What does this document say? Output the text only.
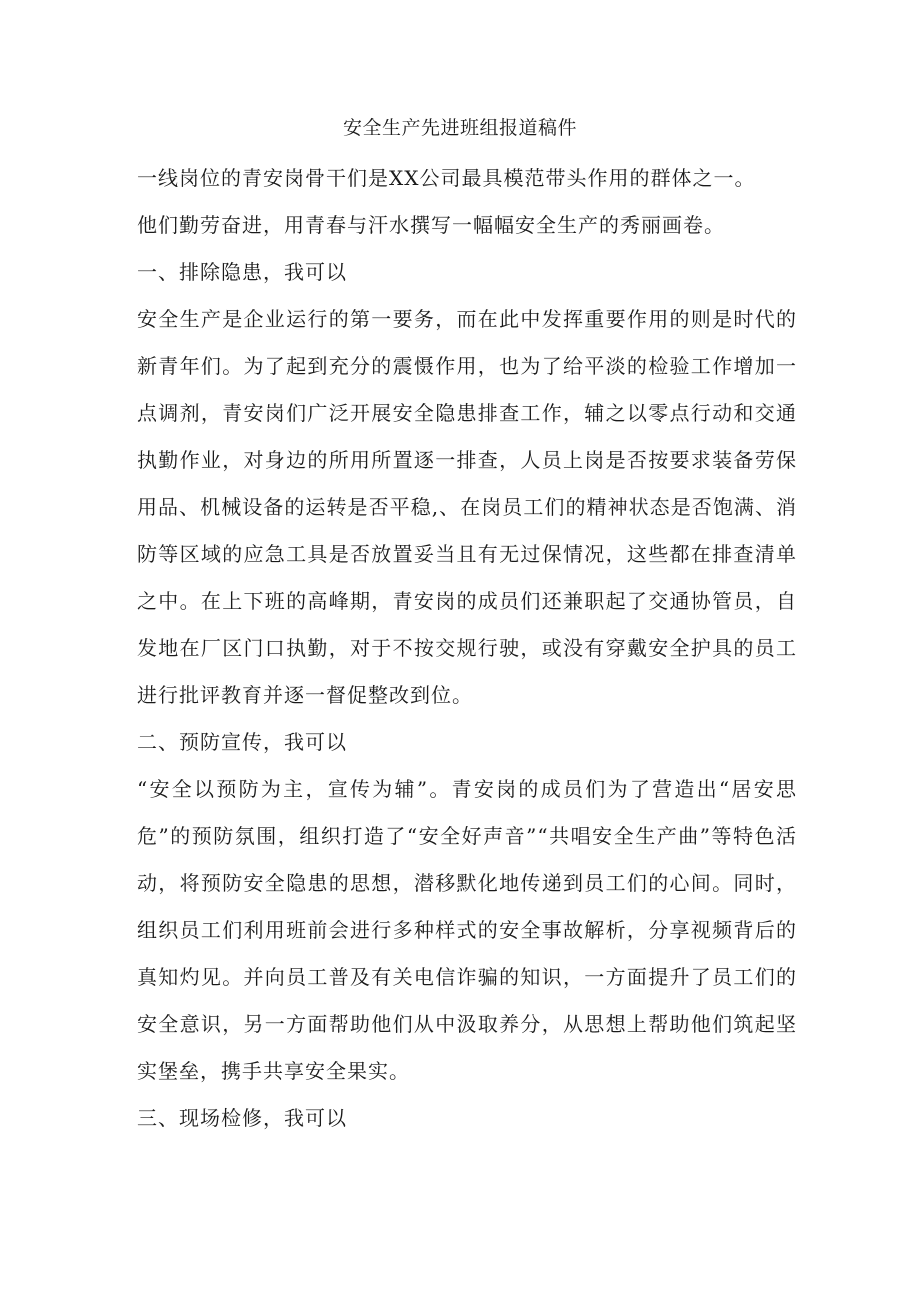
安全生产先进班组报道稿件

一线岗位的青安岗骨干们是XX公司最具模范带头作用的群体之一。

他们勤劳奋进，用青春与汗水撰写一幅幅安全生产的秀丽画卷。

一、排除隐患，我可以

安全生产是企业运行的第一要务，而在此中发挥重要作用的则是时代的新青年们。为了起到充分的震慑作用，也为了给平淡的检验工作增加一点调剂，青安岗们广泛开展安全隐患排查工作，辅之以零点行动和交通执勤作业，对身边的所用所置逐一排查，人员上岗是否按要求装备劳保用品、机械设备的运转是否平稳,、在岗员工们的精神状态是否饱满、消防等区域的应急工具是否放置妥当且有无过保情况，这些都在排查清单之中。在上下班的高峰期，青安岗的成员们还兼职起了交通协管员，自发地在厂区门口执勤，对于不按交规行驶，或没有穿戴安全护具的员工进行批评教育并逐一督促整改到位。

二、预防宣传，我可以

“安全以预防为主，宣传为辅”。青安岗的成员们为了营造出“居安思危”的预防氛围，组织打造了“安全好声音”“共唱安全生产曲”等特色活动，将预防安全隐患的思想，潜移默化地传递到员工们的心间。同时，组织员工们利用班前会进行多种样式的安全事故解析，分享视频背后的真知灼见。并向员工普及有关电信诈骗的知识，一方面提升了员工们的安全意识，另一方面帮助他们从中汲取养分，从思想上帮助他们筑起坚实堡垒，携手共享安全果实。

三、现场检修，我可以
